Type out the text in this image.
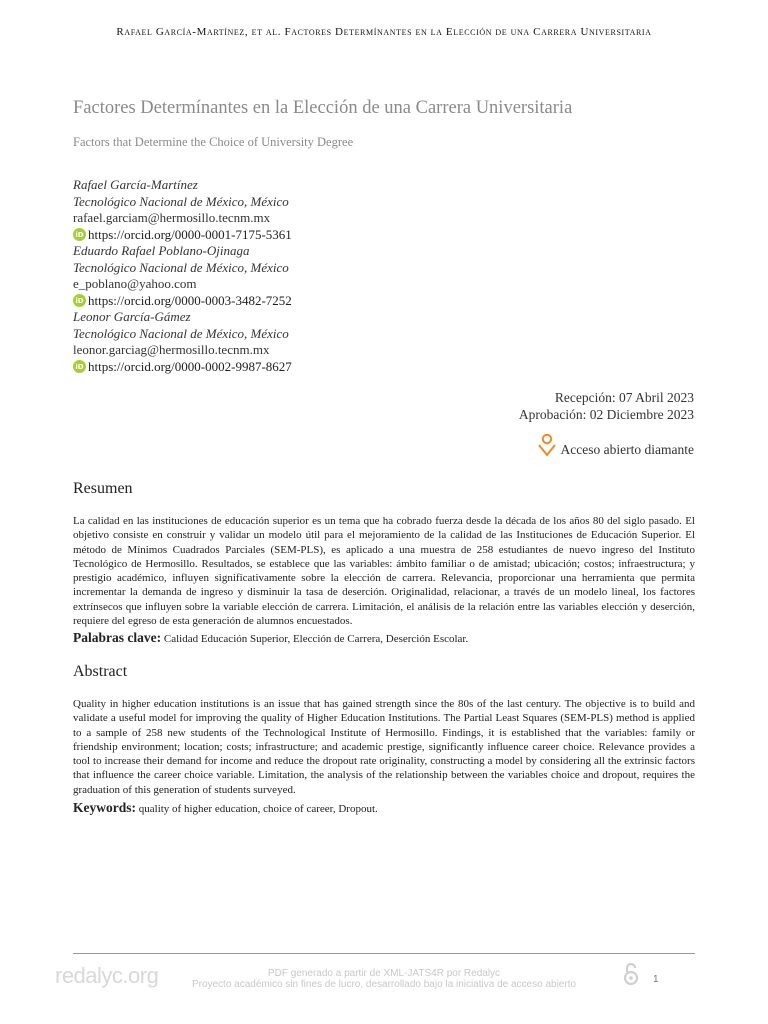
Rafael García-Martínez, et al. Factores Determínantes en la Elección de una Carrera Universitaria
Factores Determínantes en la Elección de una Carrera Universitaria
Factors that Determine the Choice of University Degree
Rafael García-Martínez
Tecnológico Nacional de México, México
rafael.garciam@hermosillo.tecnm.mx
iD https://orcid.org/0000-0001-7175-5361
Eduardo Rafael Poblano-Ojinaga
Tecnológico Nacional de México, México
e_poblano@yahoo.com
iD https://orcid.org/0000-0003-3482-7252
Leonor García-Gámez
Tecnológico Nacional de México, México
leonor.garciag@hermosillo.tecnm.mx
iD https://orcid.org/0000-0002-9987-8627
Recepción: 07 Abril 2023
Aprobación: 02 Diciembre 2023
Acceso abierto diamante
Resumen
La calidad en las instituciones de educación superior es un tema que ha cobrado fuerza desde la década de los años 80 del siglo pasado. El objetivo consiste en construir y validar un modelo útil para el mejoramiento de la calidad de las Instituciones de Educación Superior. El método de Mínimos Cuadrados Parciales (SEM-PLS), es aplicado a una muestra de 258 estudiantes de nuevo ingreso del Instituto Tecnológico de Hermosillo. Resultados, se establece que las variables: ámbito familiar o de amistad; ubicación; costos; infraestructura; y prestigio académico, influyen significativamente sobre la elección de carrera. Relevancia, proporcionar una herramienta que permita incrementar la demanda de ingreso y disminuir la tasa de deserción. Originalidad, relacionar, a través de un modelo lineal, los factores extrínsecos que influyen sobre la variable elección de carrera. Limitación, el análisis de la relación entre las variables elección y deserción, requiere del egreso de esta generación de alumnos encuestados.
Palabras clave: Calidad Educación Superior, Elección de Carrera, Deserción Escolar.
Abstract
Quality in higher education institutions is an issue that has gained strength since the 80s of the last century. The objective is to build and validate a useful model for improving the quality of Higher Education Institutions. The Partial Least Squares (SEM-PLS) method is applied to a sample of 258 new students of the Technological Institute of Hermosillo. Findings, it is established that the variables: family or friendship environment; location; costs; infrastructure; and academic prestige, significantly influence career choice. Relevance provides a tool to increase their demand for income and reduce the dropout rate originality, constructing a model by considering all the extrinsic factors that influence the career choice variable. Limitation, the analysis of the relationship between the variables choice and dropout, requires the graduation of this generation of students surveyed.
Keywords: quality of higher education, choice of career, Dropout.
redalyc.org	PDF generado a partir de XML-JATS4R por Redalyc
Proyecto académico sin fines de lucro, desarrollado bajo la iniciativa de acceso abierto	1
